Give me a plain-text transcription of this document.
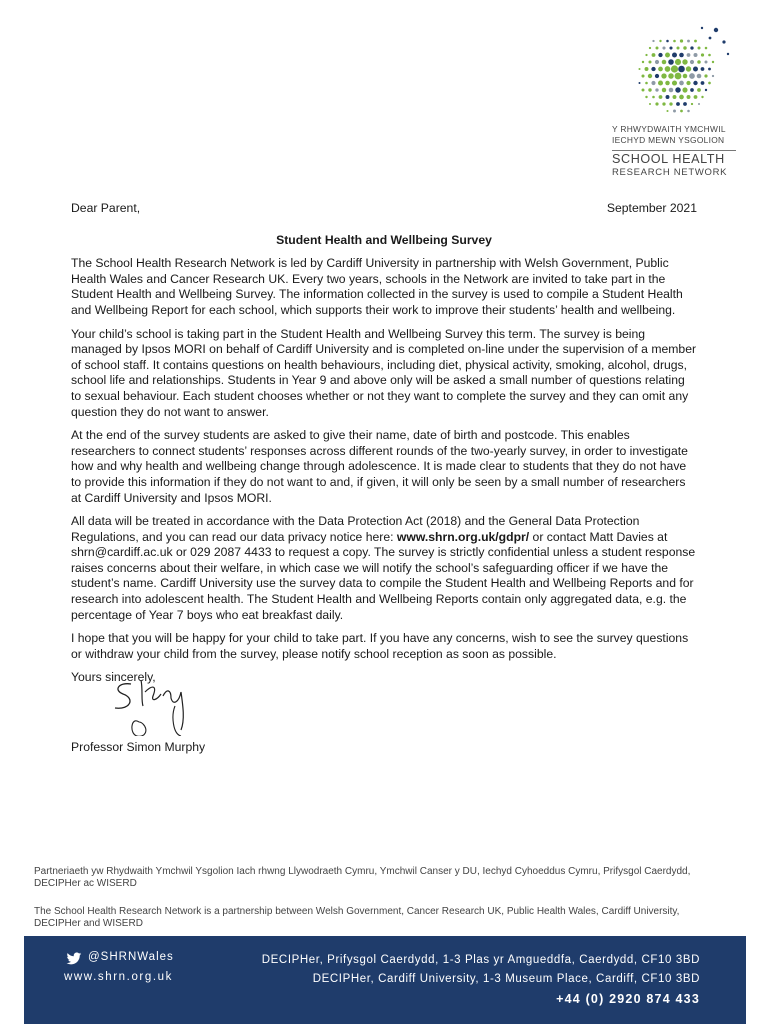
Y RHWYDWAITH YMCHWIL
IECHYD MEWN YSGOLION
SCHOOL HEALTH
RESEARCH NETWORK
Dear Parent,	September 2021
Student Health and Wellbeing Survey

The School Health Research Network is led by Cardiff University in partnership with Welsh Government, Public Health Wales and Cancer Research UK. Every two years, schools in the Network are invited to take part in the Student Health and Wellbeing Survey. The information collected in the survey is used to compile a Student Health and Wellbeing Report for each school, which supports their work to improve their students’ health and wellbeing.

Your child’s school is taking part in the Student Health and Wellbeing Survey this term. The survey is being managed by Ipsos MORI on behalf of Cardiff University and is completed on-line under the supervision of a member of school staff. It contains questions on health behaviours, including diet, physical activity, smoking, alcohol, drugs, school life and relationships. Students in Year 9 and above only will be asked a small number of questions relating to sexual behaviour. Each student chooses whether or not they want to complete the survey and they can omit any question they do not want to answer.

At the end of the survey students are asked to give their name, date of birth and postcode. This enables researchers to connect students’ responses across different rounds of the two-yearly survey, in order to investigate how and why health and wellbeing change through adolescence. It is made clear to students that they do not have to provide this information if they do not want to and, if given, it will only be seen by a small number of researchers at Cardiff University and Ipsos MORI.

All data will be treated in accordance with the Data Protection Act (2018) and the General Data Protection Regulations, and you can read our data privacy notice here: www.shrn.org.uk/gdpr/ or contact Matt Davies at shrn@cardiff.ac.uk or 029 2087 4433 to request a copy. The survey is strictly confidential unless a student response raises concerns about their welfare, in which case we will notify the school’s safeguarding officer if we have the student’s name. Cardiff University use the survey data to compile the Student Health and Wellbeing Reports and for research into adolescent health. The Student Health and Wellbeing Reports contain only aggregated data, e.g. the percentage of Year 7 boys who eat breakfast daily.

I hope that you will be happy for your child to take part. If you have any concerns, wish to see the survey questions or withdraw your child from the survey, please notify school reception as soon as possible.

Yours sincerely,
Professor Simon Murphy
Partneriaeth yw Rhydwaith Ymchwil Ysgolion Iach rhwng Llywodraeth Cymru, Ymchwil Canser y DU, Iechyd Cyhoeddus Cymru, Prifysgol Caerdydd, DECIPHer ac WISERD
The School Health Research Network is a partnership between Welsh Government, Cancer Research UK, Public Health Wales, Cardiff University, DECIPHer and WISERD
@SHRNWales
www.shrn.org.uk
DECIPHer, Prifysgol Caerdydd, 1-3 Plas yr Amgueddfa, Caerdydd, CF10 3BD
DECIPHer, Cardiff University, 1-3 Museum Place, Cardiff, CF10 3BD
+44 (0) 2920 874 433
